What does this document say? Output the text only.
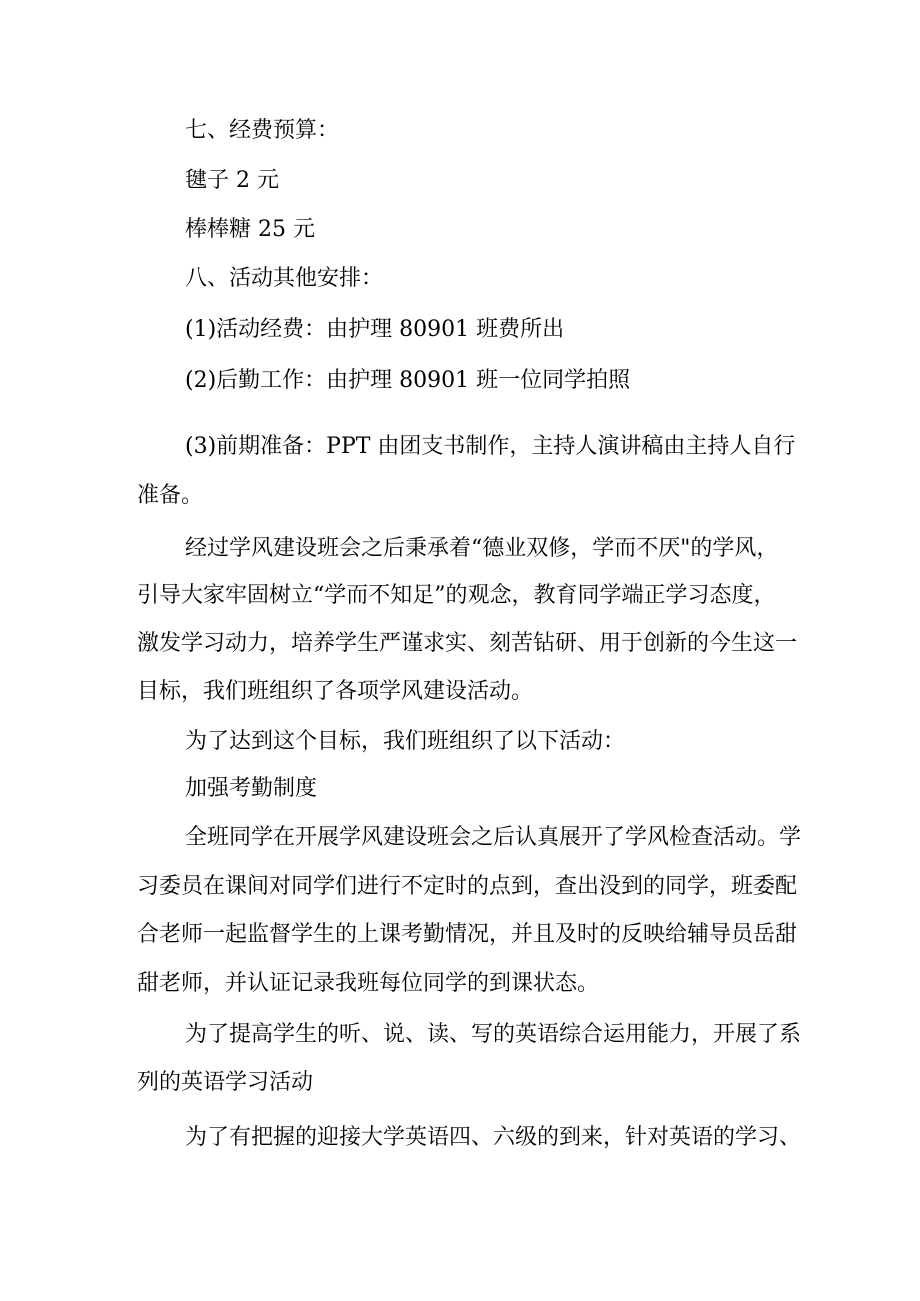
七、经费预算：

毽子 2 元

棒棒糖 25 元

八、活动其他安排：

(1)活动经费：由护理 80901 班费所出

(2)后勤工作：由护理 80901 班一位同学拍照

(3)前期准备：PPT 由团支书制作，主持人演讲稿由主持人自行

准备。

经过学风建设班会之后秉承着“德业双修，学而不厌"的学风，

引导大家牢固树立“学而不知足”的观念，教育同学端正学习态度，

激发学习动力，培养学生严谨求实、刻苦钻研、用于创新的今生这一

目标，我们班组织了各项学风建设活动。

为了达到这个目标，我们班组织了以下活动：

加强考勤制度

全班同学在开展学风建设班会之后认真展开了学风检查活动。学

习委员在课间对同学们进行不定时的点到，查出没到的同学，班委配

合老师一起监督学生的上课考勤情况，并且及时的反映给辅导员岳甜

甜老师，并认证记录我班每位同学的到课状态。

为了提高学生的听、说、读、写的英语综合运用能力，开展了系

列的英语学习活动

为了有把握的迎接大学英语四、六级的到来，针对英语的学习、
